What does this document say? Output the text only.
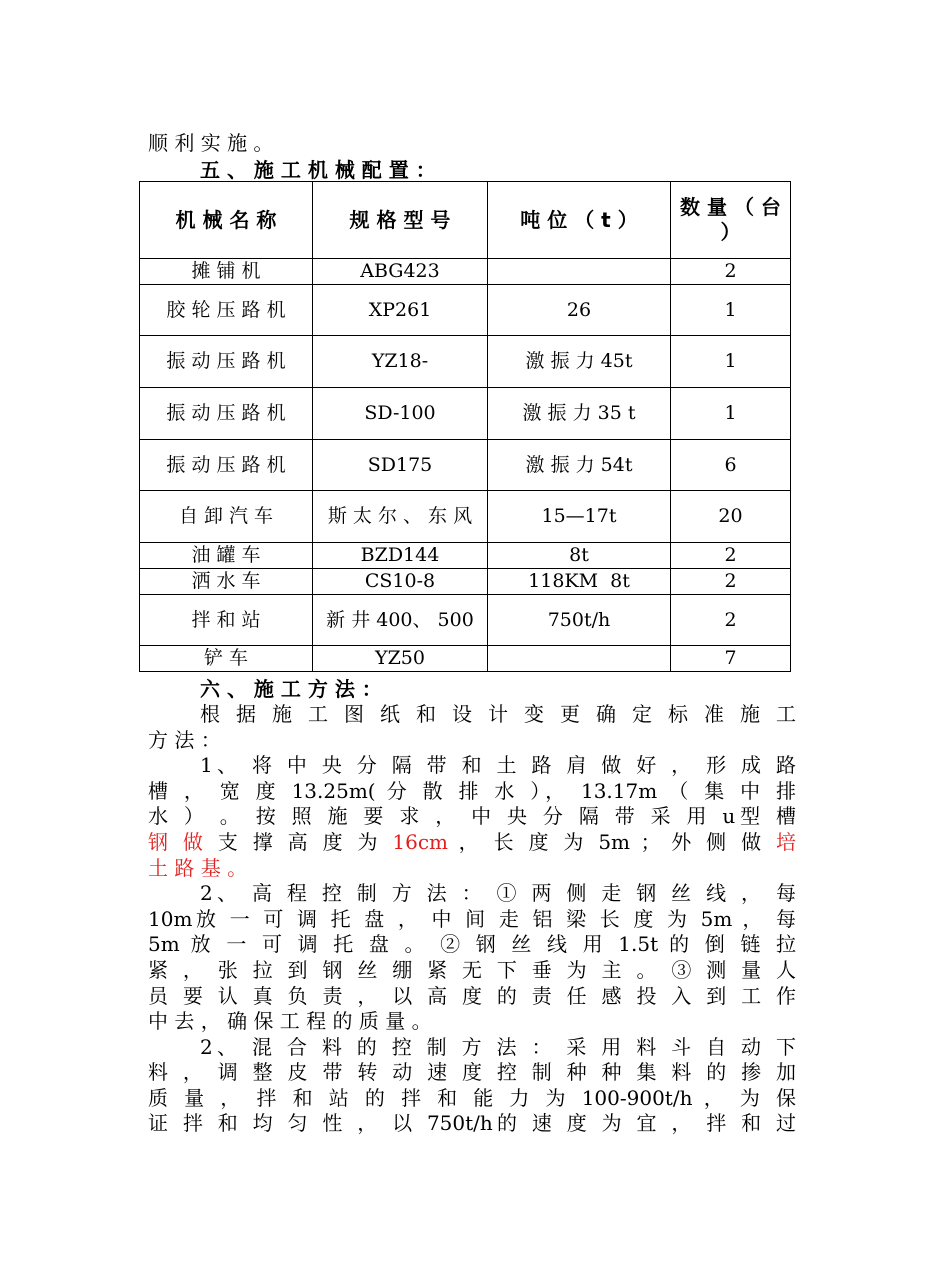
顺 利 实 施 。
五 、 施 工 机 械 配 置 ：
机 械 名 称	规 格 型 号	吨 位 （ t ）	数 量 （ 台 ）
摊 铺 机	ABG423		2
胶 轮 压 路 机	XP261	26	1
振 动 压 路 机	YZ18-	激 振 力 45t	1
振 动 压 路 机	SD-100	激 振 力 35 t	1
振 动 压 路 机	SD175	激 振 力 54t	6
自 卸 汽 车	斯 太 尔 、 东 风	15—17t	20
油 罐 车	BZD144	8t	2
洒 水 车	CS10-8	118KM  8t	2
拌 和 站	新 井 400、 500	750t/h	2
铲 车	YZ50		7
六 、 施 工 方 法 ：
根 据 施 工 图 纸 和 设 计 变 更 确 定 标 准 施 工
方 法 ：
1、 将 中 央 分 隔 带 和 土 路 肩 做 好 ， 形 成 路
槽 ， 宽 度 13.25m( 分 散 排 水 ）， 13.17m （ 集 中 排
水 ） 。 按 照 施 要 求 ， 中 央 分 隔 带 采 用 u型 槽
钢 做 支 撑 高 度 为 16cm ， 长 度 为 5m ； 外 侧 做 培
土 路 基 。
2、 高 程 控 制 方 法 ： ① 两 侧 走 钢 丝 线 ， 每
10m放 一 可 调 托 盘 ， 中 间 走 铝 梁 长 度 为 5m ， 每
5m 放 一 可 调 托 盘 。 ② 钢 丝 线 用 1.5t 的 倒 链 拉
紧 ， 张 拉 到 钢 丝 绷 紧 无 下 垂 为 主 。 ③ 测 量 人
员 要 认 真 负 责 ， 以 高 度 的 责 任 感 投 入 到 工 作
中 去 ， 确 保 工 程 的 质 量 。
2、 混 合 料 的 控 制 方 法 ： 采 用 料 斗 自 动 下
料 ， 调 整 皮 带 转 动 速 度 控 制 种 种 集 料 的 掺 加
质 量 ， 拌 和 站 的 拌 和 能 力 为 100-900t/h ， 为 保
证 拌 和 均 匀 性 ， 以 750t/h的 速 度 为 宜 ， 拌 和 过
